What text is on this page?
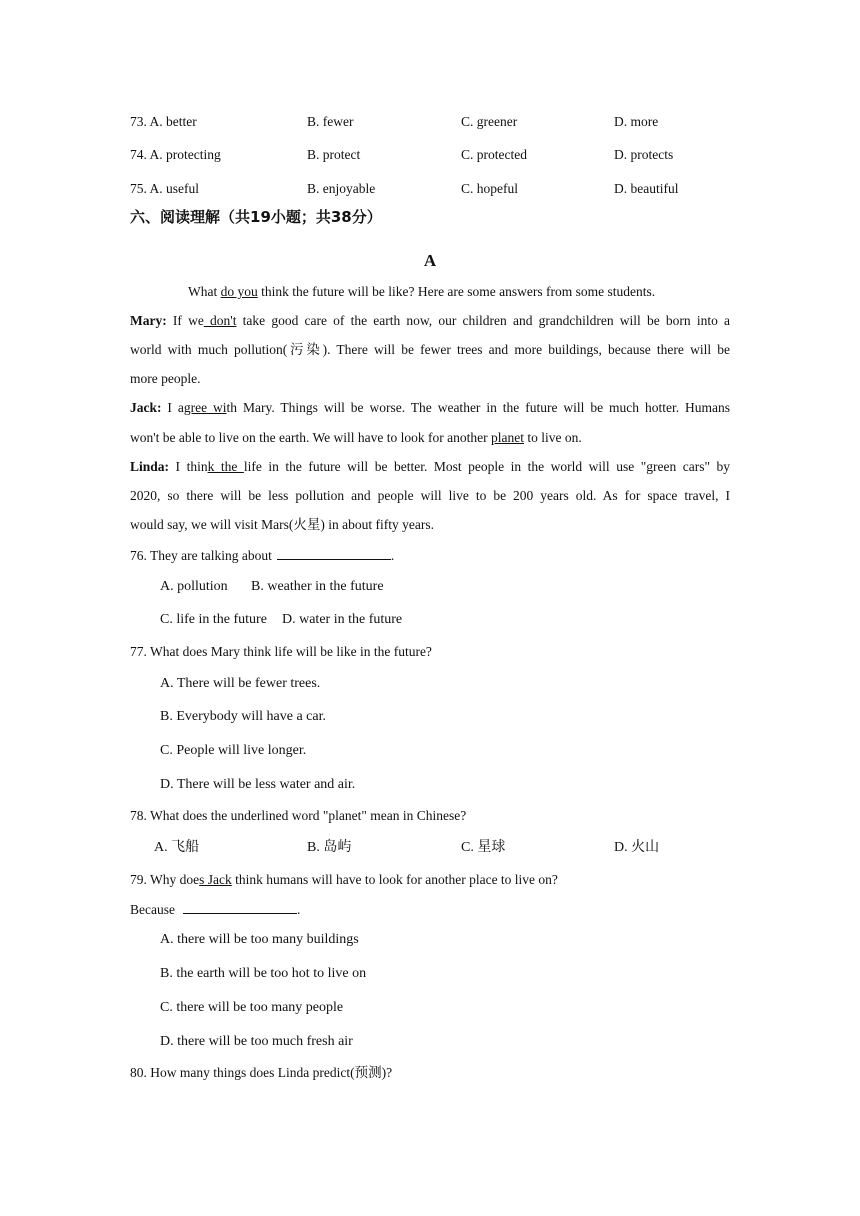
73. A. better	B. fewer	C. greener	D. more
74. A. protecting	B. protect	C. protected	D. protects
75. A. useful	B. enjoyable	C. hopeful	D. beautiful
六、阅读理解（共19小题；共38分）
A
What do you think the future will be like? Here are some answers from some students.
Mary: If we don't take good care of the earth now, our children and grandchildren will be born into a
world with much pollution(污染). There will be fewer trees and more buildings, because there will be
more people.
Jack: I agree with Mary. Things will be worse. The weather in the future will be much hotter. Humans
won't be able to live on the earth. We will have to look for another planet to live on.
Linda: I think the life in the future will be better. Most people in the world will use "green cars" by
2020, so there will be less pollution and people will live to be 200 years old. As for space travel, I
would say, we will visit Mars(火星) in about fifty years.
76. They are talking about	.
A. pollution B. weather in the future
C. life in the future D. water in the future
77. What does Mary think life will be like in the future?
A. There will be fewer trees.
B. Everybody will have a car.
C. People will live longer.
D. There will be less water and air.
78. What does the underlined word "planet" mean in Chinese?
A. 飞船	B. 岛屿	C. 星球	D. 火山
79. Why does Jack think humans will have to look for another place to live on?
Because	.
A. there will be too many buildings
B. the earth will be too hot to live on
C. there will be too many people
D. there will be too much fresh air
80. How many things does Linda predict(预测)?
